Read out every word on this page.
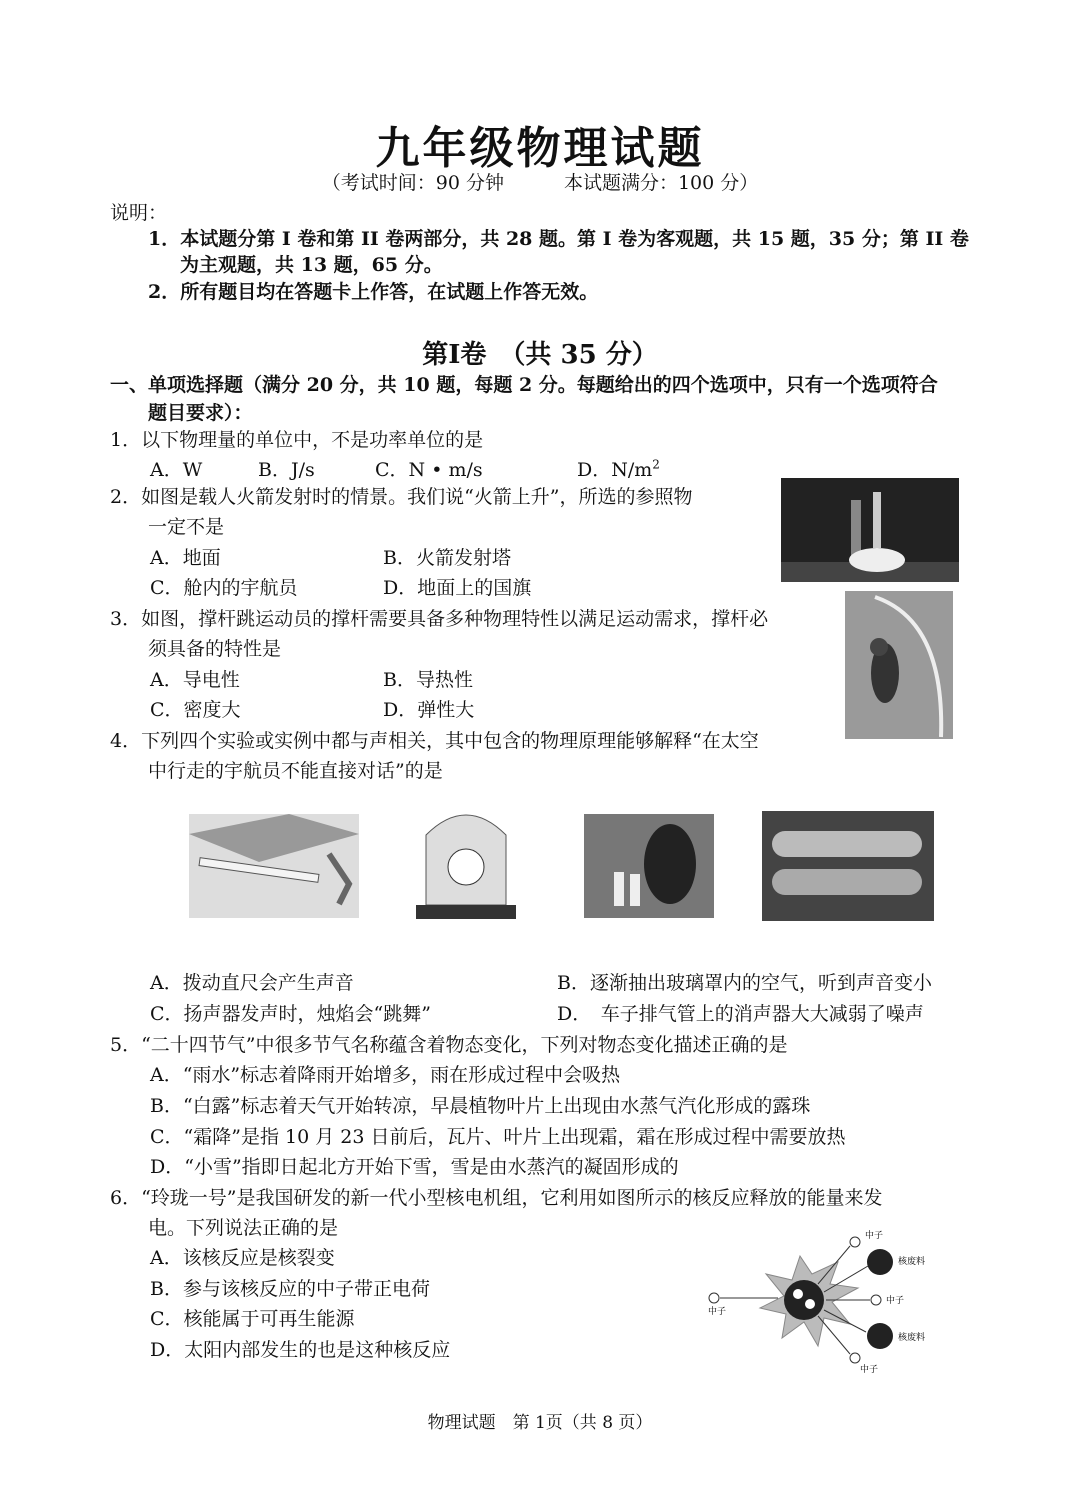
九年级物理试题
（考试时间：90 分钟	本试题满分：100 分）
说明：
1．本试题分第 I 卷和第 II 卷两部分，共 28 题。第 I 卷为客观题，共 15 题，35 分；第 II 卷
为主观题，共 13 题，65 分。
2．所有题目均在答题卡上作答，在试题上作答无效。
第Ⅰ卷　（共 35 分）
一、单项选择题（满分 20 分，共 10 题，每题 2 分。每题给出的四个选项中，只有一个选项符合
题目要求）：
1．以下物理量的单位中，不是功率单位的是
A．W	B．J/s	C．N • m/s	D．$N/m^2$
2．如图是载人火箭发射时的情景。我们说“火箭上升”，所选的参照物
一定不是
A．地面	B．火箭发射塔
C．舱内的宇航员	D．地面上的国旗
3．如图，撑杆跳运动员的撑杆需要具备多种物理特性以满足运动需求，撑杆必
须具备的特性是
A．导电性	B．导热性
C．密度大	D．弹性大
4．下列四个实验或实例中都与声相关，其中包含的物理原理能够解释“在太空
中行走的宇航员不能直接对话”的是
A．拨动直尺会产生声音	B．逐渐抽出玻璃罩内的空气，听到声音变小
C．扬声器发声时，烛焰会“跳舞”	D．　车子排气管上的消声器大大减弱了噪声
5．“二十四节气”中很多节气名称蕴含着物态变化，下列对物态变化描述正确的是
A．“雨水”标志着降雨开始增多，雨在形成过程中会吸热
B．“白露”标志着天气开始转凉，早晨植物叶片上出现由水蒸气汽化形成的露珠
C．“霜降”是指 10 月 23 日前后，瓦片、叶片上出现霜，霜在形成过程中需要放热
D．“小雪”指即日起北方开始下雪，雪是由水蒸汽的凝固形成的
6．“玲珑一号”是我国研发的新一代小型核电机组，它利用如图所示的核反应释放的能量来发
电。下列说法正确的是
A．该核反应是核裂变
B．参与该核反应的中子带正电荷
C．核能属于可再生能源
D．太阳内部发生的也是这种核反应
中子
中子
核废料
中子
核废料
中子
物理试题　第 1页（共 8 页）
